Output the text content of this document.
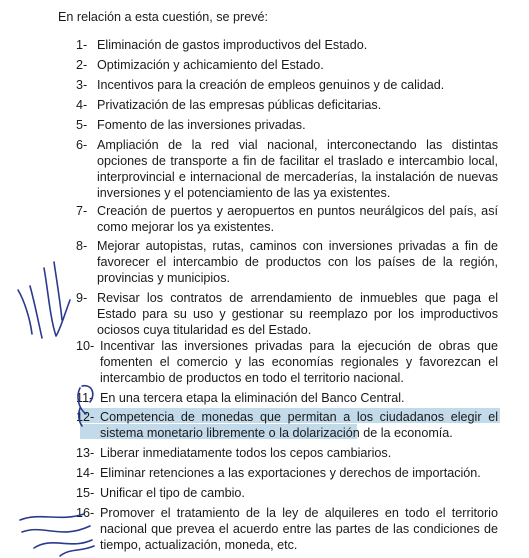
En relación a esta cuestión, se prevé:
1- Eliminación de gastos improductivos del Estado.
2- Optimización y achicamiento del Estado.
3- Incentivos para la creación de empleos genuinos y de calidad.
4- Privatización de las empresas públicas deficitarias.
5- Fomento de las inversiones privadas.
6- Ampliación de la red vial nacional, interconectando las distintas opciones de transporte a fin de facilitar el traslado e intercambio local, interprovincial e internacional de mercaderías, la instalación de nuevas inversiones y el potenciamiento de las ya existentes.
7- Creación de puertos y aeropuertos en puntos neurálgicos del país, así como mejorar los ya existentes.
8- Mejorar autopistas, rutas, caminos con inversiones privadas a fin de favorecer el intercambio de productos con los países de la región, provincias y municipios.
9- Revisar los contratos de arrendamiento de inmuebles que paga el Estado para su uso y gestionar su reemplazo por los improductivos ociosos cuya titularidad es del Estado.
10- Incentivar las inversiones privadas para la ejecución de obras que fomenten el comercio y las economías regionales y favorezcan el intercambio de productos en todo el territorio nacional.
11- En una tercera etapa la eliminación del Banco Central.
12- Competencia de monedas que permitan a los ciudadanos elegir el sistema monetario libremente o la dolarización de la economía.
13- Liberar inmediatamente todos los cepos cambiarios.
14- Eliminar retenciones a las exportaciones y derechos de importación.
15- Unificar el tipo de cambio.
16- Promover el tratamiento de la ley de alquileres en todo el territorio nacional que prevea el acuerdo entre las partes de las condiciones de tiempo, actualización, moneda, etc.
